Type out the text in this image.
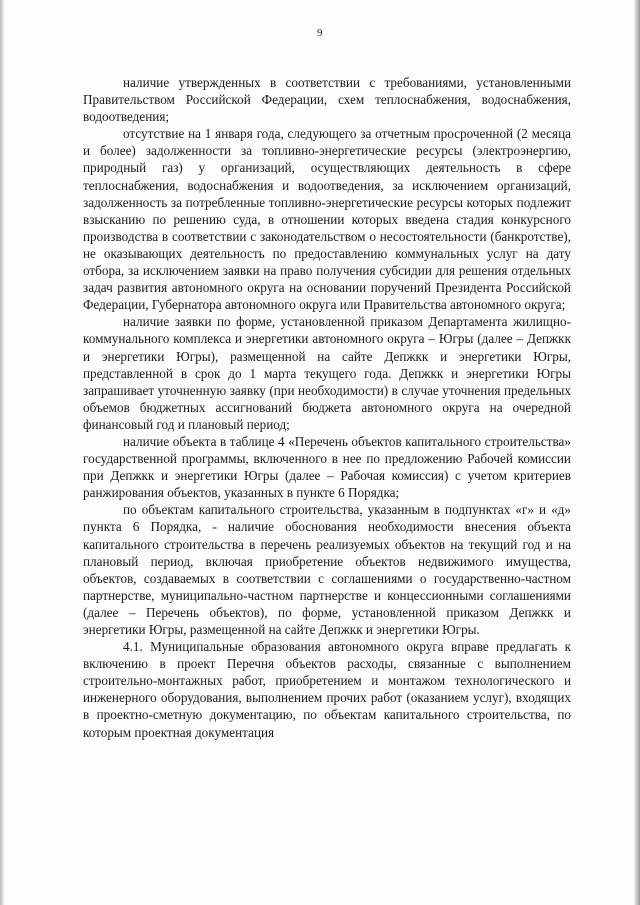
9

наличие утвержденных в соответствии с требованиями, установленными Правительством Российской Федерации, схем теплоснабжения, водоснабжения, водоотведения;

отсутствие на 1 января года, следующего за отчетным просроченной (2 месяца и более) задолженности за топливно-энергетические ресурсы (электроэнергию, природный газ) у организаций, осуществляющих деятельность в сфере теплоснабжения, водоснабжения и водоотведения, за исключением организаций, задолженность за потребленные топливно-энергетические ресурсы которых подлежит взысканию по решению суда, в отношении которых введена стадия конкурсного производства в соответствии с законодательством о несостоятельности (банкротстве), не оказывающих деятельность по предоставлению коммунальных услуг на дату отбора, за исключением заявки на право получения субсидии для решения отдельных задач развития автономного округа на основании поручений Президента Российской Федерации, Губернатора автономного округа или Правительства автономного округа;

наличие заявки по форме, установленной приказом Департамента жилищно-коммунального комплекса и энергетики автономного округа – Югры (далее – Депжкк и энергетики Югры), размещенной на сайте Депжкк и энергетики Югры, представленной в срок до 1 марта текущего года. Депжкк и энергетики Югры запрашивает уточненную заявку (при необходимости) в случае уточнения предельных объемов бюджетных ассигнований бюджета автономного округа на очередной финансовый год и плановый период;

наличие объекта в таблице 4 «Перечень объектов капитального строительства» государственной программы, включенного в нее по предложению Рабочей комиссии при Депжкк и энергетики Югры (далее – Рабочая комиссия) с учетом критериев ранжирования объектов, указанных в пункте 6 Порядка;

по объектам капитального строительства, указанным в подпунктах «г» и «д» пункта 6 Порядка, - наличие обоснования необходимости внесения объекта капитального строительства в перечень реализуемых объектов на текущий год и на плановый период, включая приобретение объектов недвижимого имущества, объектов, создаваемых в соответствии с соглашениями о государственно-частном партнерстве, муниципально-частном партнерстве и концессионными соглашениями (далее – Перечень объектов), по форме, установленной приказом Депжкк и энергетики Югры, размещенной на сайте Депжкк и энергетики Югры.

4.1. Муниципальные образования автономного округа вправе предлагать к включению в проект Перечня объектов расходы, связанные с выполнением строительно-монтажных работ, приобретением и монтажом технологического и инженерного оборудования, выполнением прочих работ (оказанием услуг), входящих в проектно-сметную документацию, по объектам капитального строительства, по которым проектная документация
